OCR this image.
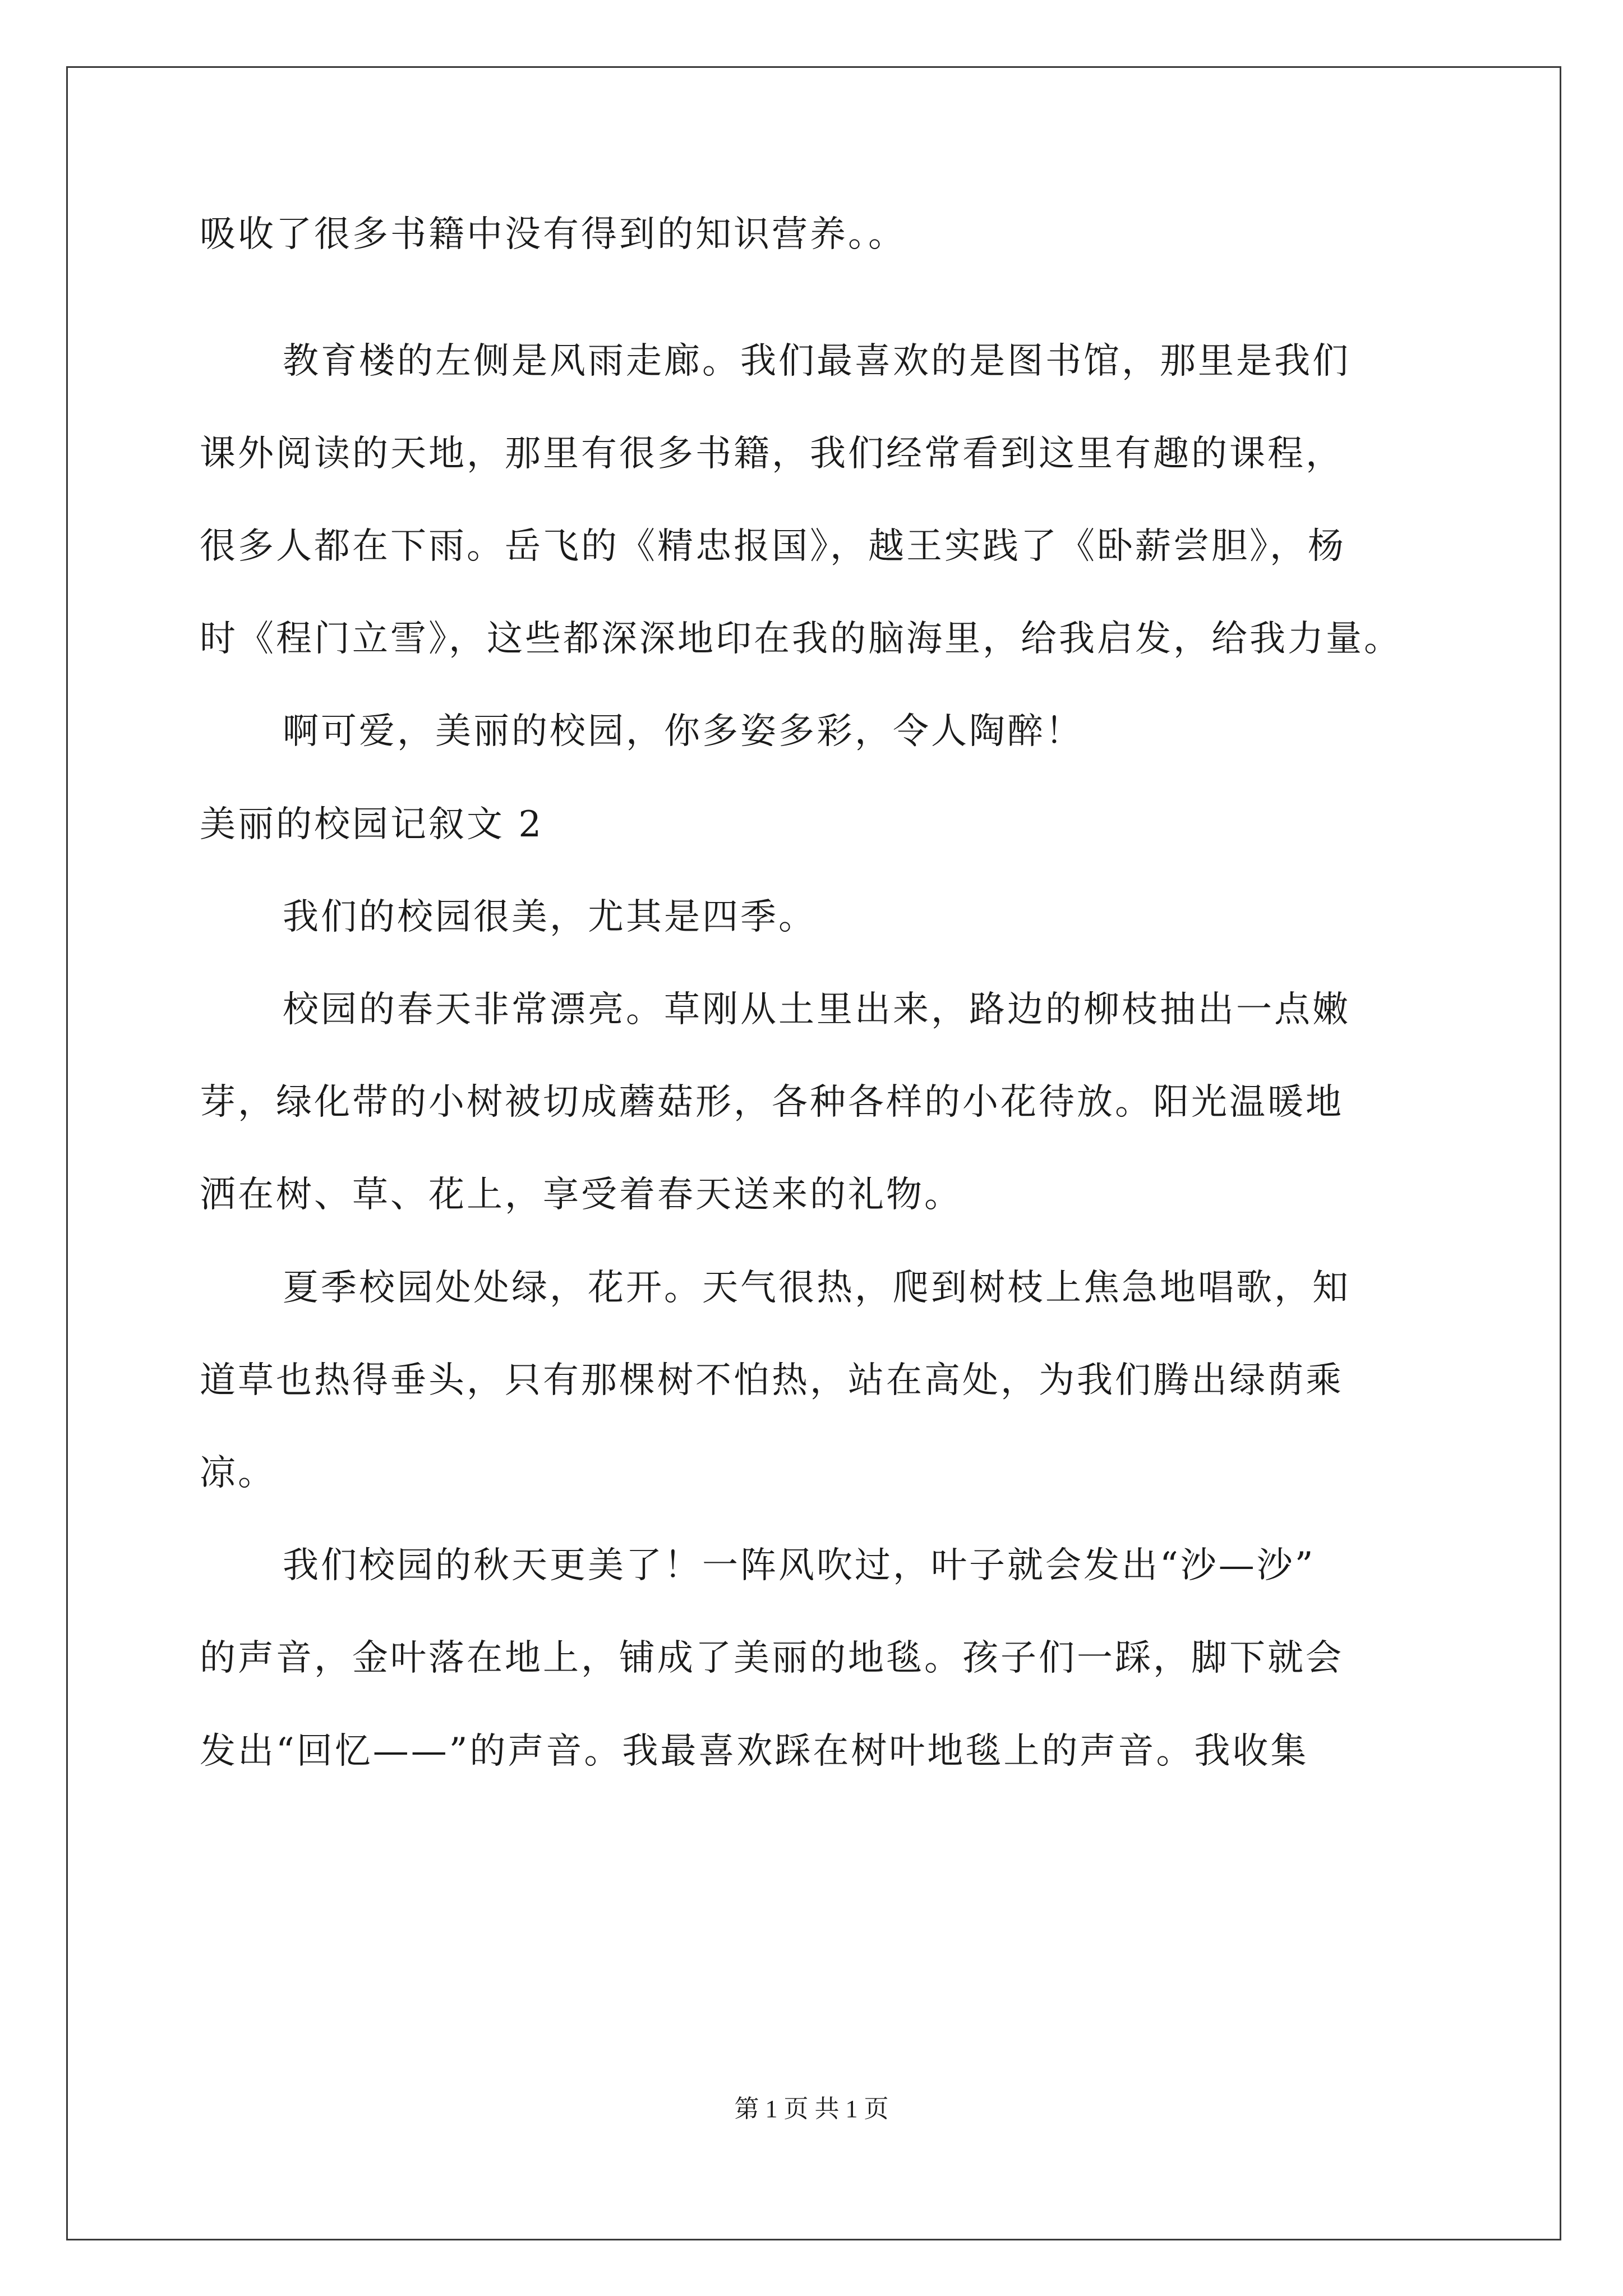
吸收了很多书籍中没有得到的知识营养。。
教育楼的左侧是风雨走廊。我们最喜欢的是图书馆，那里是我们
课外阅读的天地，那里有很多书籍，我们经常看到这里有趣的课程，
很多人都在下雨。岳飞的《精忠报国》，越王实践了《卧薪尝胆》，杨
时《程门立雪》，这些都深深地印在我的脑海里，给我启发，给我力量。
啊可爱，美丽的校园，你多姿多彩，令人陶醉！
美丽的校园记叙文 2
我们的校园很美，尤其是四季。
校园的春天非常漂亮。草刚从土里出来，路边的柳枝抽出一点嫩
芽，绿化带的小树被切成蘑菇形，各种各样的小花待放。阳光温暖地
洒在树、草、花上，享受着春天送来的礼物。
夏季校园处处绿，花开。天气很热，爬到树枝上焦急地唱歌，知
道草也热得垂头，只有那棵树不怕热，站在高处，为我们腾出绿荫乘
凉。
我们校园的秋天更美了！一阵风吹过，叶子就会发出“沙—沙”
的声音，金叶落在地上，铺成了美丽的地毯。孩子们一踩，脚下就会
发出“回忆——”的声音。我最喜欢踩在树叶地毯上的声音。我收集
第 1 页 共 1 页
